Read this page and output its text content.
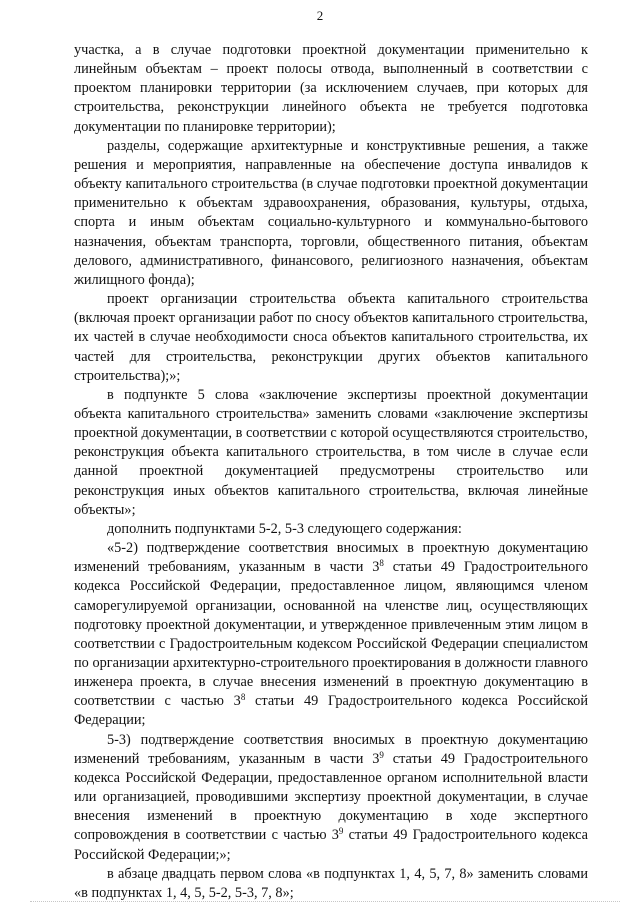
2

участка, а в случае подготовки проектной документации применительно к линейным объектам – проект полосы отвода, выполненный в соответствии с проектом планировки территории (за исключением случаев, при которых для строительства, реконструкции линейного объекта не требуется подготовка документации по планировке территории);

разделы, содержащие архитектурные и конструктивные решения, а также решения и мероприятия, направленные на обеспечение доступа инвалидов к объекту капитального строительства (в случае подготовки проектной документации применительно к объектам здравоохранения, образования, культуры, отдыха, спорта и иным объектам социально-культурного и коммунально-бытового назначения, объектам транспорта, торговли, общественного питания, объектам делового, административного, финансового, религиозного назначения, объектам жилищного фонда);

проект организации строительства объекта капитального строительства (включая проект организации работ по сносу объектов капитального строительства, их частей в случае необходимости сноса объектов капитального строительства, их частей для строительства, реконструкции других объектов капитального строительства);»;

в подпункте 5 слова «заключение экспертизы проектной документации объекта капитального строительства» заменить словами «заключение экспертизы проектной документации, в соответствии с которой осуществляются строительство, реконструкция объекта капитального строительства, в том числе в случае если данной проектной документацией предусмотрены строительство или реконструкция иных объектов капитального строительства, включая линейные объекты»;

дополнить подпунктами 5-2, 5-3 следующего содержания:

«5-2) подтверждение соответствия вносимых в проектную документацию изменений требованиям, указанным в части $3^8$ статьи 49 Градостроительного кодекса Российской Федерации, предоставленное лицом, являющимся членом саморегулируемой организации, основанной на членстве лиц, осуществляющих подготовку проектной документации, и утвержденное привлеченным этим лицом в соответствии с Градостроительным кодексом Российской Федерации специалистом по организации архитектурно-строительного проектирования в должности главного инженера проекта, в случае внесения изменений в проектную документацию в соответствии с частью $3^8$ статьи 49 Градостроительного кодекса Российской Федерации;

5-3) подтверждение соответствия вносимых в проектную документацию изменений требованиям, указанным в части $3^9$ статьи 49 Градостроительного кодекса Российской Федерации, предоставленное органом исполнительной власти или организацией, проводившими экспертизу проектной документации, в случае внесения изменений в проектную документацию в ходе экспертного сопровождения в соответствии с частью $3^9$ статьи 49 Градостроительного кодекса Российской Федерации;»;

в абзаце двадцать первом слова «в подпунктах 1, 4, 5, 7, 8» заменить словами «в подпунктах 1, 4, 5, 5-2, 5-3, 7, 8»;
